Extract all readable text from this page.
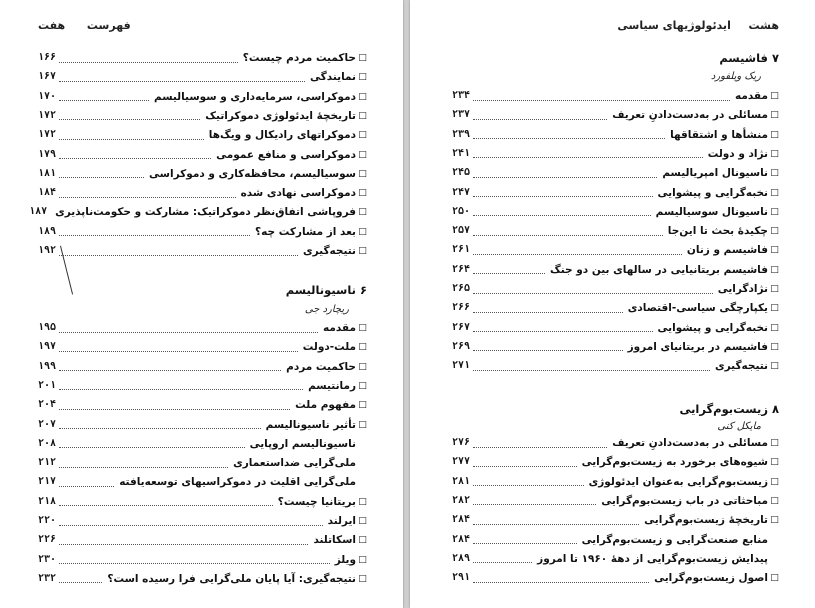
فهرست  هفت
□
حاکمیت مردم چیست؟
۱۶۶
□
نمایندگی
۱۶۷
□
دموکراسی، سرمایه‌داری و سوسیالیسم
۱۷۰
□
تاریخچهٔ ایدئولوژی دموکراتیک
۱۷۲
□
دموکراتهای رادیکال و ویگ‌ها
۱۷۲
□
دموکراسی و منافع عمومی
۱۷۹
□
سوسیالیسم، محافظه‌کاری و دموکراسی
۱۸۱
□
دموکراسی نهادی شده
۱۸۴
□
فروپاشی اتفاق‌نظر دموکراتیک: مشارکت و حکومت‌ناپذیری
۱۸۷
□
بعد از مشارکت چه؟
۱۸۹
□
نتیجه‌گیری
۱۹۲
۶ ناسیونالیسم
ریچارد جی
□
مقدمه
۱۹۵
□
ملت-دولت
۱۹۷
□
حاکمیت مردم
۱۹۹
□
رمانتیسم
۲۰۱
□
مفهوم ملت
۲۰۴
□
تأثیر ناسیونالیسم
۲۰۷
ناسیونالیسم اروپایی
۲۰۸
ملی‌گرایی ضداستعماری
۲۱۲
ملی‌گرایی اقلیت در دموکراسیهای توسعه‌یافته
۲۱۷
□
بریتانیا چیست؟
۲۱۸
□
ایرلند
۲۲۰
□
اسکاتلند
۲۲۶
□
ویلز
۲۳۰
□
نتیجه‌گیری: آیا پایان ملی‌گرایی فرا رسیده است؟
۲۳۲
هشت  ایدئولوژیهای سیاسی
۷ فاشیسم
ریک ویلفورد
□
مقدمه
۲۳۴
□
مسائلی در به‌دست‌دادنِ تعریف
۲۳۷
□
منشأها و اشتقاقها
۲۳۹
□
نژاد و دولت
۲۴۱
□
ناسیونال امپریالیسم
۲۴۵
□
نخبه‌گرایی و پیشوایی
۲۴۷
□
ناسیونال سوسیالیسم
۲۵۰
□
چکیدهٔ بحث تا این‌جا
۲۵۷
□
فاشیسم و زنان
۲۶۱
□
فاشیسم بریتانیایی در سالهای بین دو جنگ
۲۶۴
□
نژادگرایی
۲۶۵
□
یکپارچگی سیاسی-اقتصادی
۲۶۶
□
نخبه‌گرایی و پیشوایی
۲۶۷
□
فاشیسم در بریتانیای امروز
۲۶۹
□
نتیجه‌گیری
۲۷۱
۸ زیست‌بوم‌گرایی
مایکل کنی
□
مسائلی در به‌دست‌دادنِ تعریف
۲۷۶
□
شیوه‌های برخورد به زیست‌بوم‌گرایی
۲۷۷
□
زیست‌بوم‌گرایی به‌عنوان ایدئولوژی
۲۸۱
□
مباحثاتی در باب زیست‌بوم‌گرایی
۲۸۲
□
تاریخچهٔ زیست‌بوم‌گرایی
۲۸۴
منابع صنعت‌گرایی و زیست‌بوم‌گرایی
۲۸۴
پیدایش زیست‌بوم‌گرایی از دههٔ ۱۹۶۰ تا امروز
۲۸۹
□
اصول زیست‌بوم‌گرایی
۲۹۱
